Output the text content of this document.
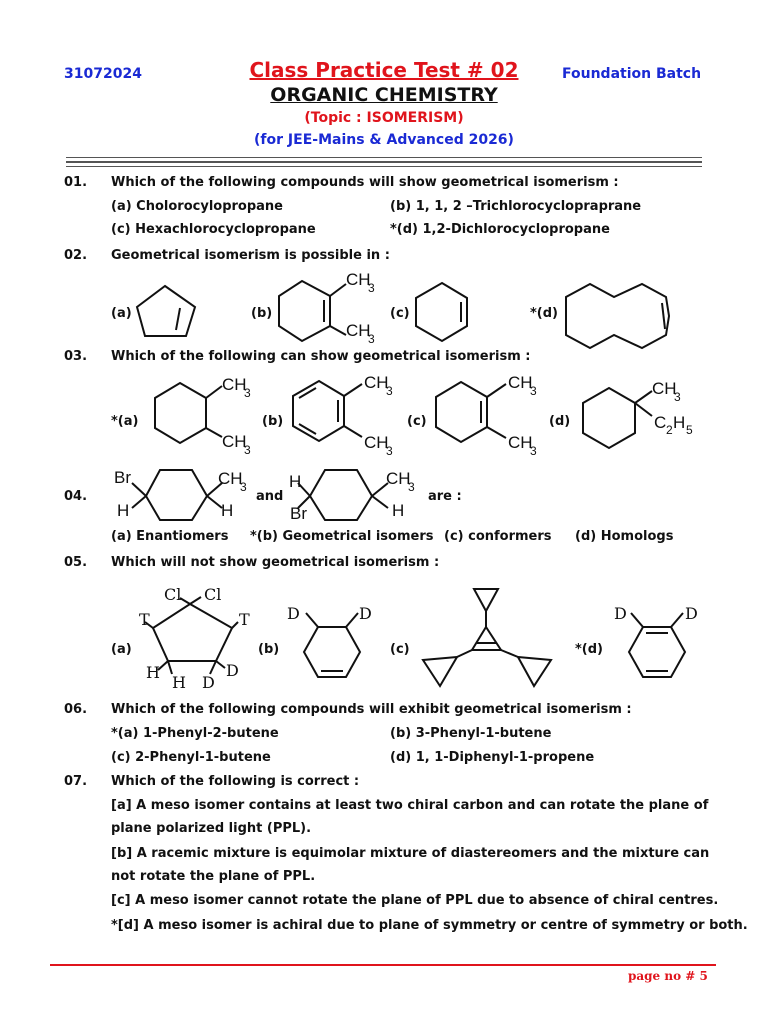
31072024	Class Practice Test # 02	Foundation Batch
ORGANIC CHEMISTRY
(Topic : ISOMERISM)
(for JEE-Mains & Advanced 2026)
01. Which of the following compounds will show geometrical isomerism :
(a) Cholorocylopropane	(b) 1, 1, 2 –Trichlorocyclopraprane
(c) Hexachlorocyclopropane	*(d) 1,2-Dichlorocyclopropane
02. Geometrical isomerism is possible in :
(a)	(b)	(c)	*(d)
CH
3
CH
3
CH
3
CH
3
CH
3
CH
3
CH
3
CH
3
CH
3
C 2 H 5
Br
H
CH
3
H
H
Br
CH
3
H
Cl Cl
T	T
H
H D
D
D	D	D	D
03. Which of the following can show geometrical isomerism :
*(a)	(b)	(c)	(d)
04.	and	are :
(a) Enantiomers *(b) Geometrical isomers (c) conformers (d) Homologs
05. Which will not show geometrical isomerism :
(a)	(b)	(c)	*(d)
06. Which of the following compounds will exhibit geometrical isomerism :
*(a) 1-Phenyl-2-butene	(b) 3-Phenyl-1-butene
(c) 2-Phenyl-1-butene	(d) 1, 1-Diphenyl-1-propene
07. Which of the following is correct :
[a] A meso isomer contains at least two chiral carbon and can rotate the plane of
plane polarized light (PPL).
[b] A racemic mixture is equimolar mixture of diastereomers and the mixture can
not rotate the plane of PPL.
[c] A meso isomer cannot rotate the plane of PPL due to absence of chiral centres.
*[d] A meso isomer is achiral due to plane of symmetry or centre of symmetry or both.
page no # 5
